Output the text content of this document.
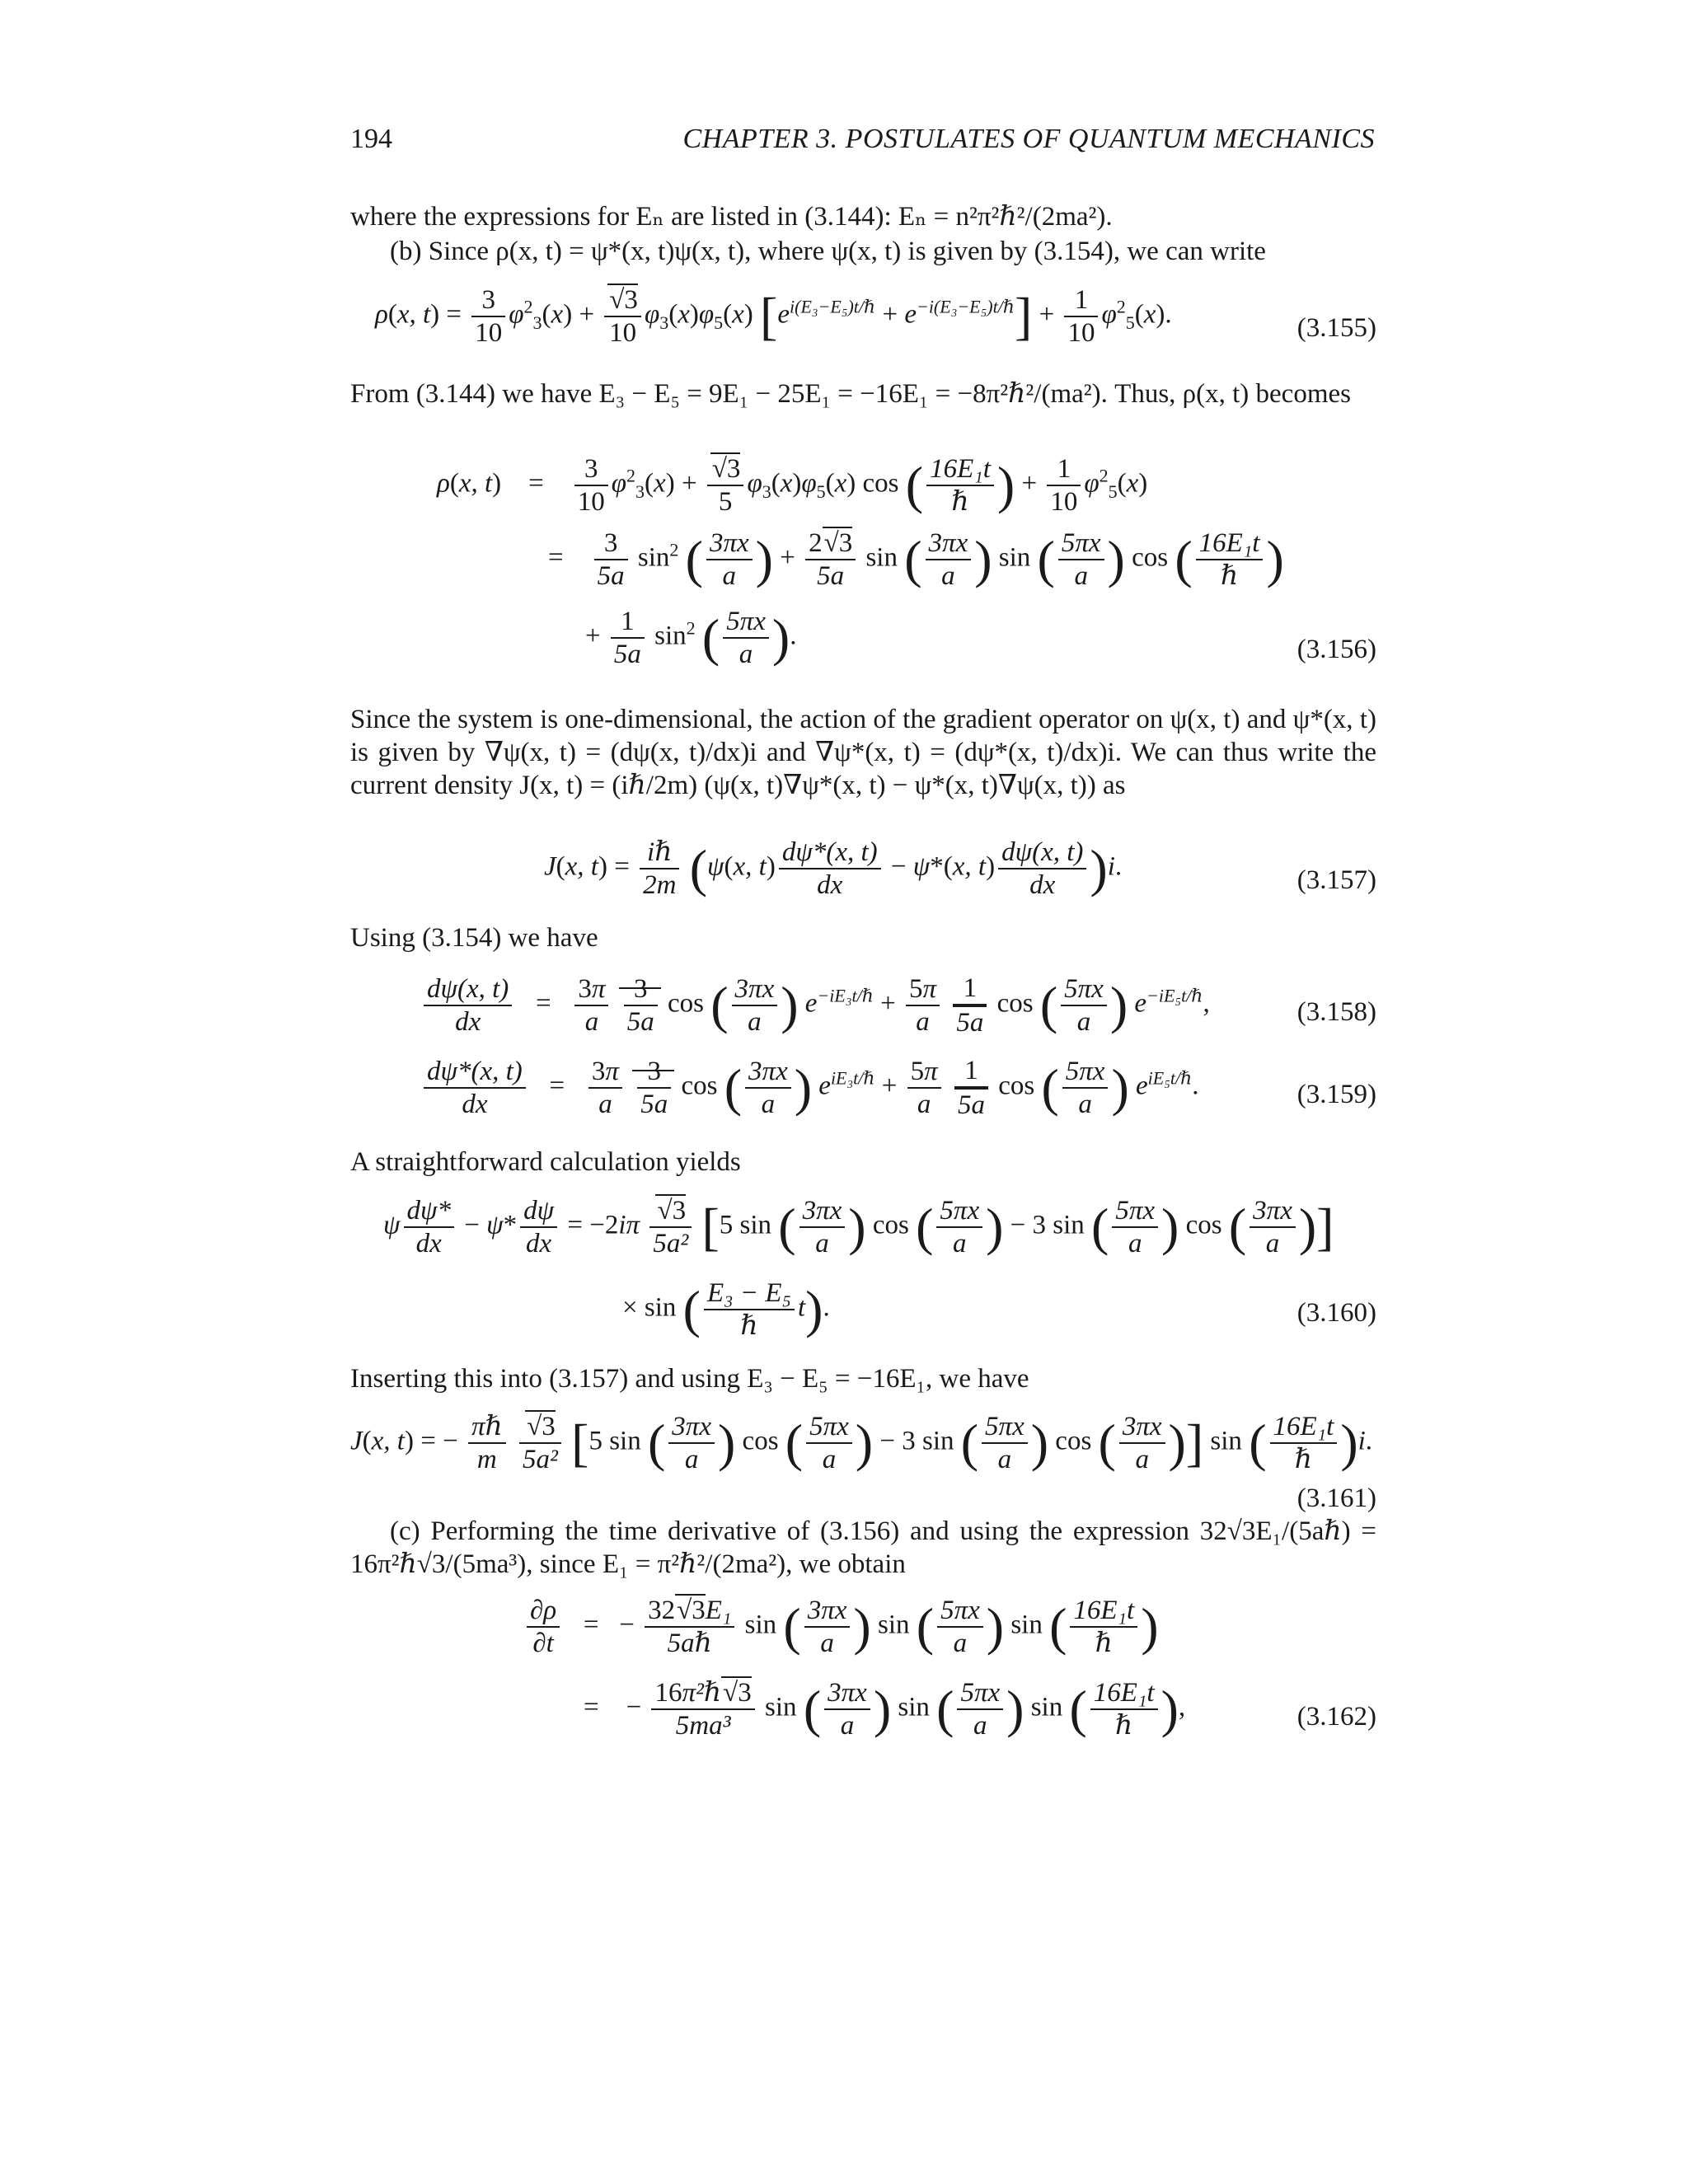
194	CHAPTER 3. POSTULATES OF QUANTUM MECHANICS
where the expressions for Eₙ are listed in (3.144): Eₙ = n²π²ℏ²/(2ma²).
(b) Since ρ(x, t) = ψ*(x, t)ψ(x, t), where ψ(x, t) is given by (3.154), we can write
ρ(x, $t) = \frac{3}{10} \varphi^2_3(x) + \frac{√3}{10} \varphi_3(x)\varphi_5(x) [e^{i(E_3-E_5)t/\hbar} + e^{-i(E_3-E_5)t/\hbar}] + \frac{1}{10} \varphi^2_5(x)$.	(3.155)
From (3.144) we have E₃ − E₅ = 9E₁ − 25E₁ = −16E₁ = −8π²ℏ²/(ma²). Thus, ρ(x, t) becomes
ρ(x, t)    = $\frac{3}{10} \varphi^2_3(x) + \frac{√3}{5} \varphi_3(x)\varphi_5(x)$ cos ( $\frac{\text{16E₁t}}{\text{ℏ}}$ ) + $\frac{1}{10} \varphi^2_5(x)$
= $\frac{3}{5a} \sin^2$ ( $\frac{3\pi x}{a}$ ) + $\frac{2√3}{5a}$ sin ( $\frac{3\pi x}{a}$ ) sin ( $\frac{5\pi x}{a}$ ) cos ( $\frac{\text{16E₁t}}{\text{ℏ}}$ )
+ $\frac{1}{5a} \sin^2$ ( $\frac{5\pi x}{a}$ ).	(3.156)
Since the system is one-dimensional, the action of the gradient operator on ψ(x, t) and ψ*(x, t) is given by ∇ψ(x, t) = (dψ(x, t)/dx)i and ∇ψ*(x, t) = (dψ*(x, t)/dx)i. We can thus write the current density J(x, t) = (iℏ/2m) (ψ(x, t)∇ψ*(x, t) − ψ*(x, t)∇ψ(x, t)) as
J(x, $t) = \frac{\text{iℏ}}{2m} (\psi(x$, $t) \frac{d\psi*(x, t)}{dx} - \psi*(x$, $t) \frac{d\psi(x, t)}{dx} )i$.	(3.157)
Using (3.154) we have
$\frac{d\psi(x, t)}{dx} = \frac{3\pi}{a}$
$\frac{3}{5a}$ cos ( $\frac{3\pi x}{a}$ ) $e^{-iE_3t/\hbar} + \frac{5\pi}{a}$
$\frac{1}{5a}$ cos ( $\frac{5\pi x}{a}$ ) $e^{-iE_5t/\hbar}$,	(3.158)
$\frac{d\psi*(x, t)}{dx} = \frac{3\pi}{a}$
$\frac{3}{5a}$ cos ( $\frac{3\pi x}{a}$ ) $e^{iE_3t/\hbar} + \frac{5\pi}{a}$
$\frac{1}{5a}$ cos ( $\frac{5\pi x}{a}$ ) $e^{iE_5t/\hbar}$.	(3.159)
A straightforward calculation yields
ψ $\frac{d\psi*}{dx} - \psi* \frac{d\psi}{dx} = -2i\pi \frac{√3}{\text{5a²}} [5$ sin ( $\frac{3\pi x}{a}$ ) cos ( $\frac{5\pi x}{a}$ ) − 3 sin ( $\frac{5\pi x}{a}$ ) cos ( $\frac{3\pi x}{a}$ )]
× sin ( $\frac{\text{E₃ − E₅}}{\text{ℏ}} t$).	(3.160)
Inserting this into (3.157) and using E₃ − E₅ = −16E₁, we have
J(x, t) = − $\frac{\text{πℏ}}{m}$
$\frac{√3}{\text{5a²}} [5$ sin ( $\frac{3\pi x}{a}$ ) cos ( $\frac{5\pi x}{a}$ ) − 3 sin ( $\frac{5\pi x}{a}$ ) cos ( $\frac{3\pi x}{a}$ )] sin ( $\frac{\text{16E₁t}}{\text{ℏ}} )i$.
(3.161)
(c) Performing the time derivative of (3.156) and using the expression 32√3E₁/(5aℏ) = 16π²ℏ√3/(5ma³), since E₁ = π²ℏ²/(2ma²), we obtain
$\frac{\partial\rho}{\partial t}$ =   − $\frac{\text{32√3E₁}}{\text{5aℏ}}$ sin ( $\frac{3\pi x}{a}$ ) sin ( $\frac{5\pi x}{a}$ ) sin ( $\frac{\text{16E₁t}}{\text{ℏ}}$ )
=    − $\frac{\text{16π²ℏ√3}}{\text{5ma³}}$ sin ( $\frac{3\pi x}{a}$ ) sin ( $\frac{5\pi x}{a}$ ) sin ( $\frac{\text{16E₁t}}{\text{ℏ}}$ ),	(3.162)
